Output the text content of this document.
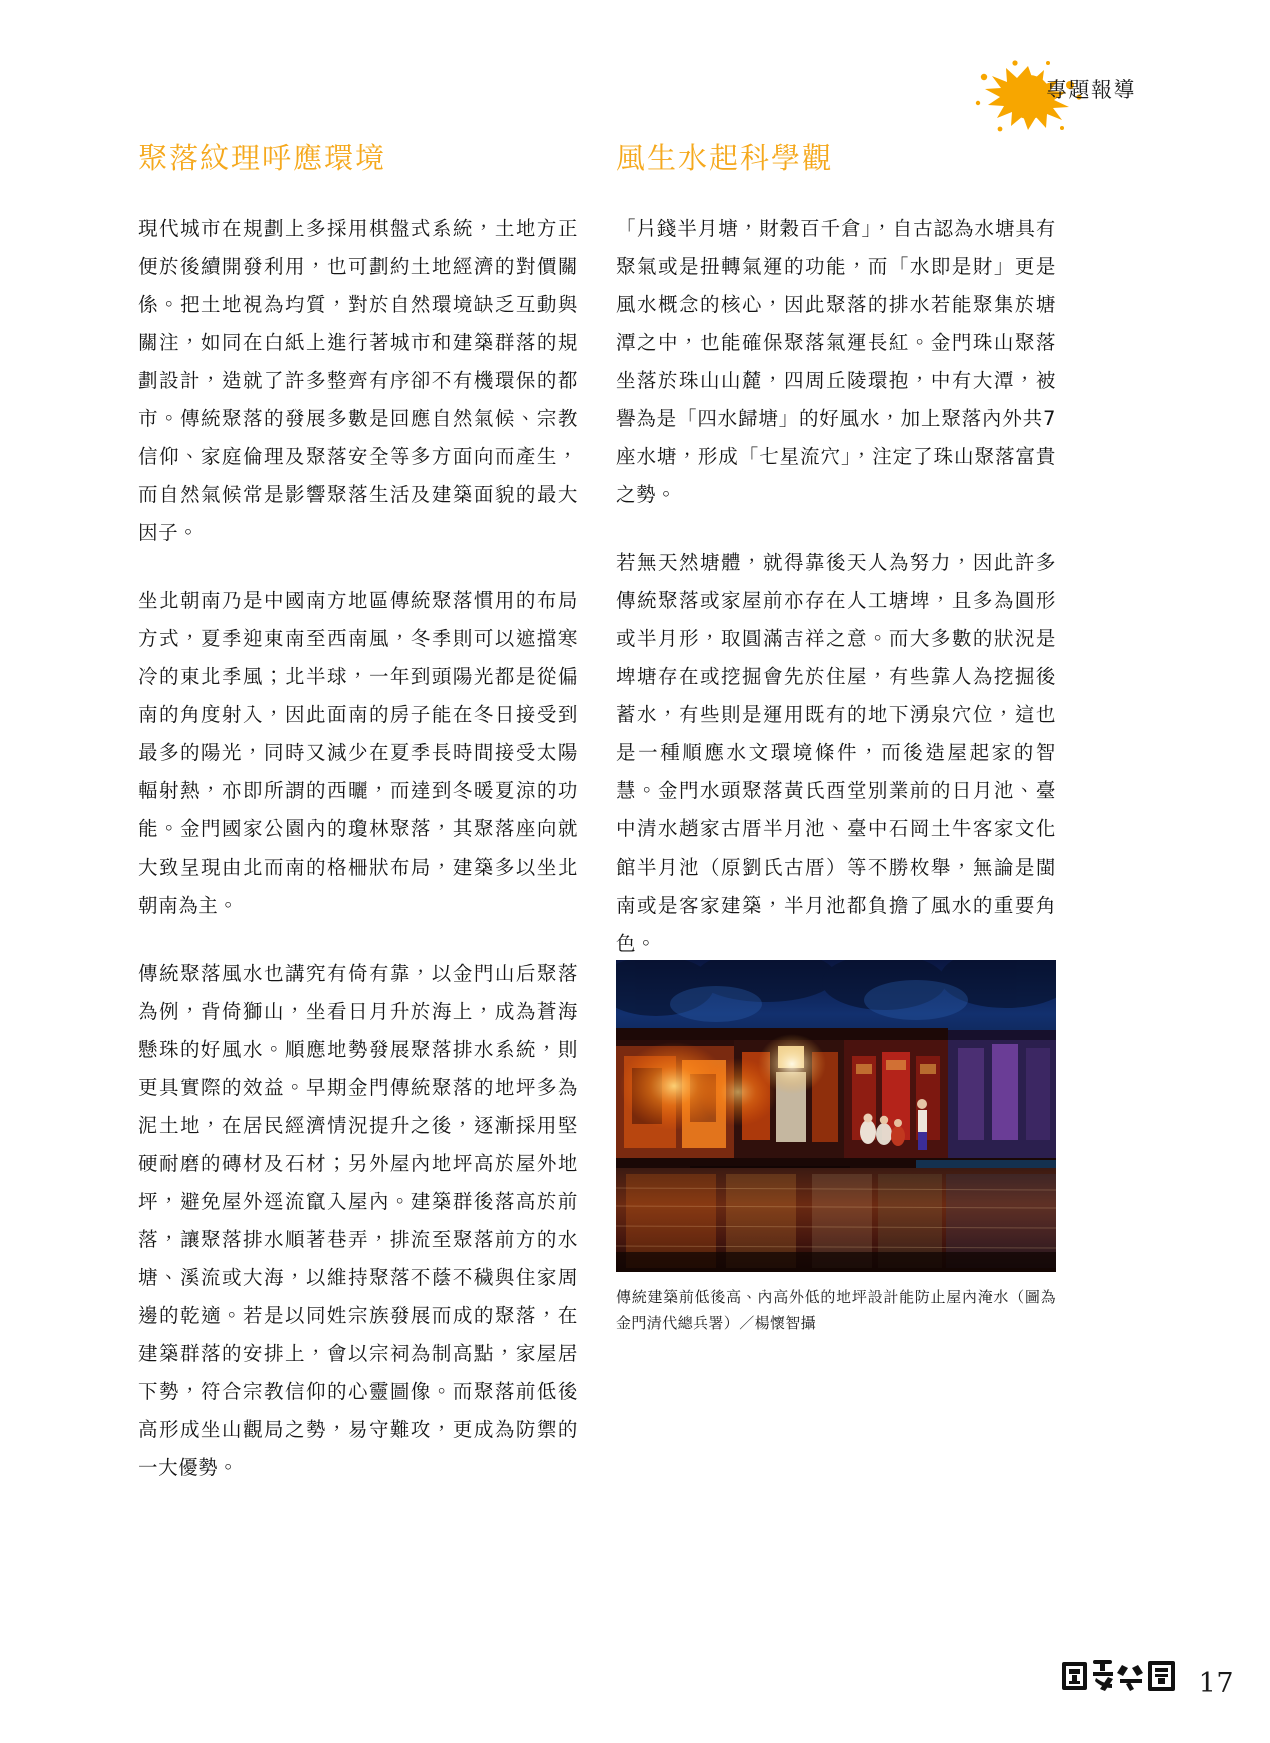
專題報導
聚落紋理呼應環境

現代城市在規劃上多採用棋盤式系統，土地方正便於後續開發利用，也可劃約土地經濟的對價關係。把土地視為均質，對於自然環境缺乏互動與關注，如同在白紙上進行著城市和建築群落的規劃設計，造就了許多整齊有序卻不有機環保的都市。傳統聚落的發展多數是回應自然氣候、宗教信仰、家庭倫理及聚落安全等多方面向而產生，而自然氣候常是影響聚落生活及建築面貌的最大因子。

坐北朝南乃是中國南方地區傳統聚落慣用的布局方式，夏季迎東南至西南風，冬季則可以遮擋寒冷的東北季風；北半球，一年到頭陽光都是從偏南的角度射入，因此面南的房子能在冬日接受到最多的陽光，同時又減少在夏季長時間接受太陽輻射熱，亦即所謂的西曬，而達到冬暖夏涼的功能。金門國家公園內的瓊林聚落，其聚落座向就大致呈現由北而南的格柵狀布局，建築多以坐北朝南為主。

傳統聚落風水也講究有倚有靠，以金門山后聚落為例，背倚獅山，坐看日月升於海上，成為蒼海懸珠的好風水。順應地勢發展聚落排水系統，則更具實際的效益。早期金門傳統聚落的地坪多為泥土地，在居民經濟情況提升之後，逐漸採用堅硬耐磨的磚材及石材；另外屋內地坪高於屋外地坪，避免屋外逕流竄入屋內。建築群後落高於前落，讓聚落排水順著巷弄，排流至聚落前方的水塘、溪流或大海，以維持聚落不蔭不穢與住家周邊的乾適。若是以同姓宗族發展而成的聚落，在建築群落的安排上，會以宗祠為制高點，家屋居下勢，符合宗教信仰的心靈圖像。而聚落前低後高形成坐山觀局之勢，易守難攻，更成為防禦的一大優勢。

風生水起科學觀

「片錢半月塘，財穀百千倉」，自古認為水塘具有聚氣或是扭轉氣運的功能，而「水即是財」更是風水概念的核心，因此聚落的排水若能聚集於塘潭之中，也能確保聚落氣運長紅。金門珠山聚落坐落於珠山山麓，四周丘陵環抱，中有大潭，被譽為是「四水歸塘」的好風水，加上聚落內外共7座水塘，形成「七星流穴」，注定了珠山聚落富貴之勢。

若無天然塘體，就得靠後天人為努力，因此許多傳統聚落或家屋前亦存在人工塘埤，且多為圓形或半月形，取圓滿吉祥之意。而大多數的狀況是埤塘存在或挖掘會先於住屋，有些靠人為挖掘後蓄水，有些則是運用既有的地下湧泉穴位，這也是一種順應水文環境條件，而後造屋起家的智慧。金門水頭聚落黃氏酉堂別業前的日月池、臺中清水趙家古厝半月池、臺中石岡土牛客家文化館半月池（原劉氏古厝）等不勝枚舉，無論是閩南或是客家建築，半月池都負擔了風水的重要角色。

傳統建築前低後高、內高外低的地坪設計能防止屋內淹水（圖為金門清代總兵署）／楊懷智攝
17
